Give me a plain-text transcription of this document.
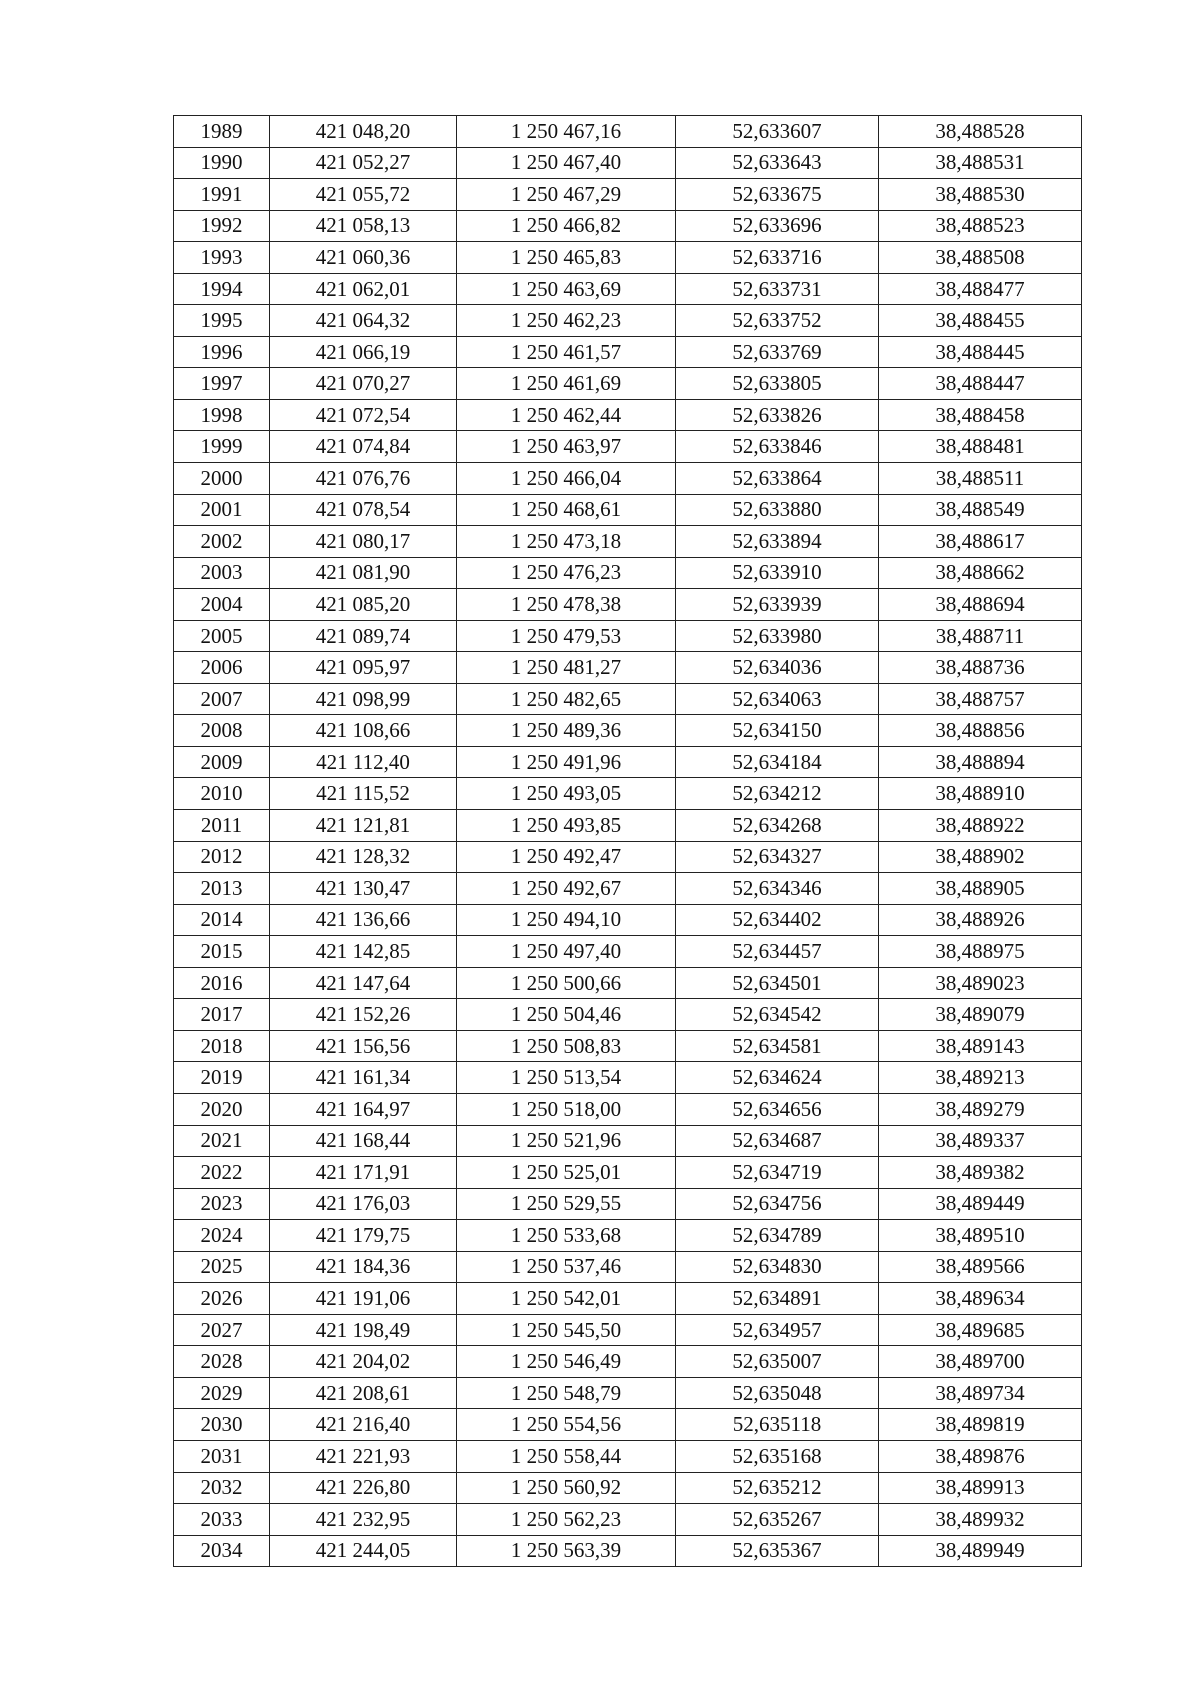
1989	421 048,20	1 250 467,16	52,633607	38,488528
1990	421 052,27	1 250 467,40	52,633643	38,488531
1991	421 055,72	1 250 467,29	52,633675	38,488530
1992	421 058,13	1 250 466,82	52,633696	38,488523
1993	421 060,36	1 250 465,83	52,633716	38,488508
1994	421 062,01	1 250 463,69	52,633731	38,488477
1995	421 064,32	1 250 462,23	52,633752	38,488455
1996	421 066,19	1 250 461,57	52,633769	38,488445
1997	421 070,27	1 250 461,69	52,633805	38,488447
1998	421 072,54	1 250 462,44	52,633826	38,488458
1999	421 074,84	1 250 463,97	52,633846	38,488481
2000	421 076,76	1 250 466,04	52,633864	38,488511
2001	421 078,54	1 250 468,61	52,633880	38,488549
2002	421 080,17	1 250 473,18	52,633894	38,488617
2003	421 081,90	1 250 476,23	52,633910	38,488662
2004	421 085,20	1 250 478,38	52,633939	38,488694
2005	421 089,74	1 250 479,53	52,633980	38,488711
2006	421 095,97	1 250 481,27	52,634036	38,488736
2007	421 098,99	1 250 482,65	52,634063	38,488757
2008	421 108,66	1 250 489,36	52,634150	38,488856
2009	421 112,40	1 250 491,96	52,634184	38,488894
2010	421 115,52	1 250 493,05	52,634212	38,488910
2011	421 121,81	1 250 493,85	52,634268	38,488922
2012	421 128,32	1 250 492,47	52,634327	38,488902
2013	421 130,47	1 250 492,67	52,634346	38,488905
2014	421 136,66	1 250 494,10	52,634402	38,488926
2015	421 142,85	1 250 497,40	52,634457	38,488975
2016	421 147,64	1 250 500,66	52,634501	38,489023
2017	421 152,26	1 250 504,46	52,634542	38,489079
2018	421 156,56	1 250 508,83	52,634581	38,489143
2019	421 161,34	1 250 513,54	52,634624	38,489213
2020	421 164,97	1 250 518,00	52,634656	38,489279
2021	421 168,44	1 250 521,96	52,634687	38,489337
2022	421 171,91	1 250 525,01	52,634719	38,489382
2023	421 176,03	1 250 529,55	52,634756	38,489449
2024	421 179,75	1 250 533,68	52,634789	38,489510
2025	421 184,36	1 250 537,46	52,634830	38,489566
2026	421 191,06	1 250 542,01	52,634891	38,489634
2027	421 198,49	1 250 545,50	52,634957	38,489685
2028	421 204,02	1 250 546,49	52,635007	38,489700
2029	421 208,61	1 250 548,79	52,635048	38,489734
2030	421 216,40	1 250 554,56	52,635118	38,489819
2031	421 221,93	1 250 558,44	52,635168	38,489876
2032	421 226,80	1 250 560,92	52,635212	38,489913
2033	421 232,95	1 250 562,23	52,635267	38,489932
2034	421 244,05	1 250 563,39	52,635367	38,489949
